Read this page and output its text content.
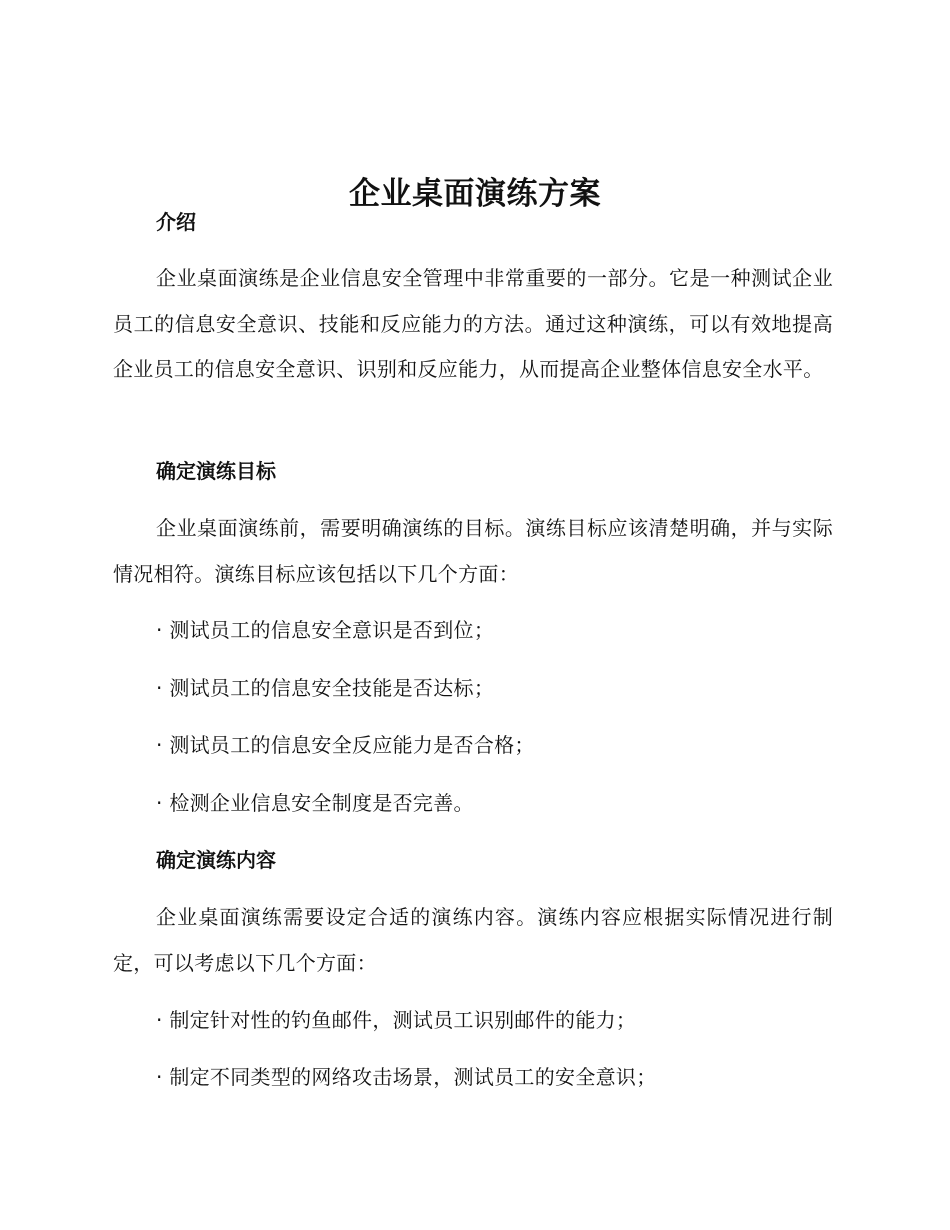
企业桌面演练方案
介绍

企业桌面演练是企业信息安全管理中非常重要的一部分。它是一种测试企业员工的信息安全意识、技能和反应能力的方法。通过这种演练，可以有效地提高企业员工的信息安全意识、识别和反应能力，从而提高企业整体信息安全水平。

确定演练目标

企业桌面演练前，需要明确演练的目标。演练目标应该清楚明确，并与实际情况相符。演练目标应该包括以下几个方面：

· 测试员工的信息安全意识是否到位；

· 测试员工的信息安全技能是否达标；

· 测试员工的信息安全反应能力是否合格；

· 检测企业信息安全制度是否完善。

确定演练内容

企业桌面演练需要设定合适的演练内容。演练内容应根据实际情况进行制定，可以考虑以下几个方面：

· 制定针对性的钓鱼邮件，测试员工识别邮件的能力；

· 制定不同类型的网络攻击场景，测试员工的安全意识；
